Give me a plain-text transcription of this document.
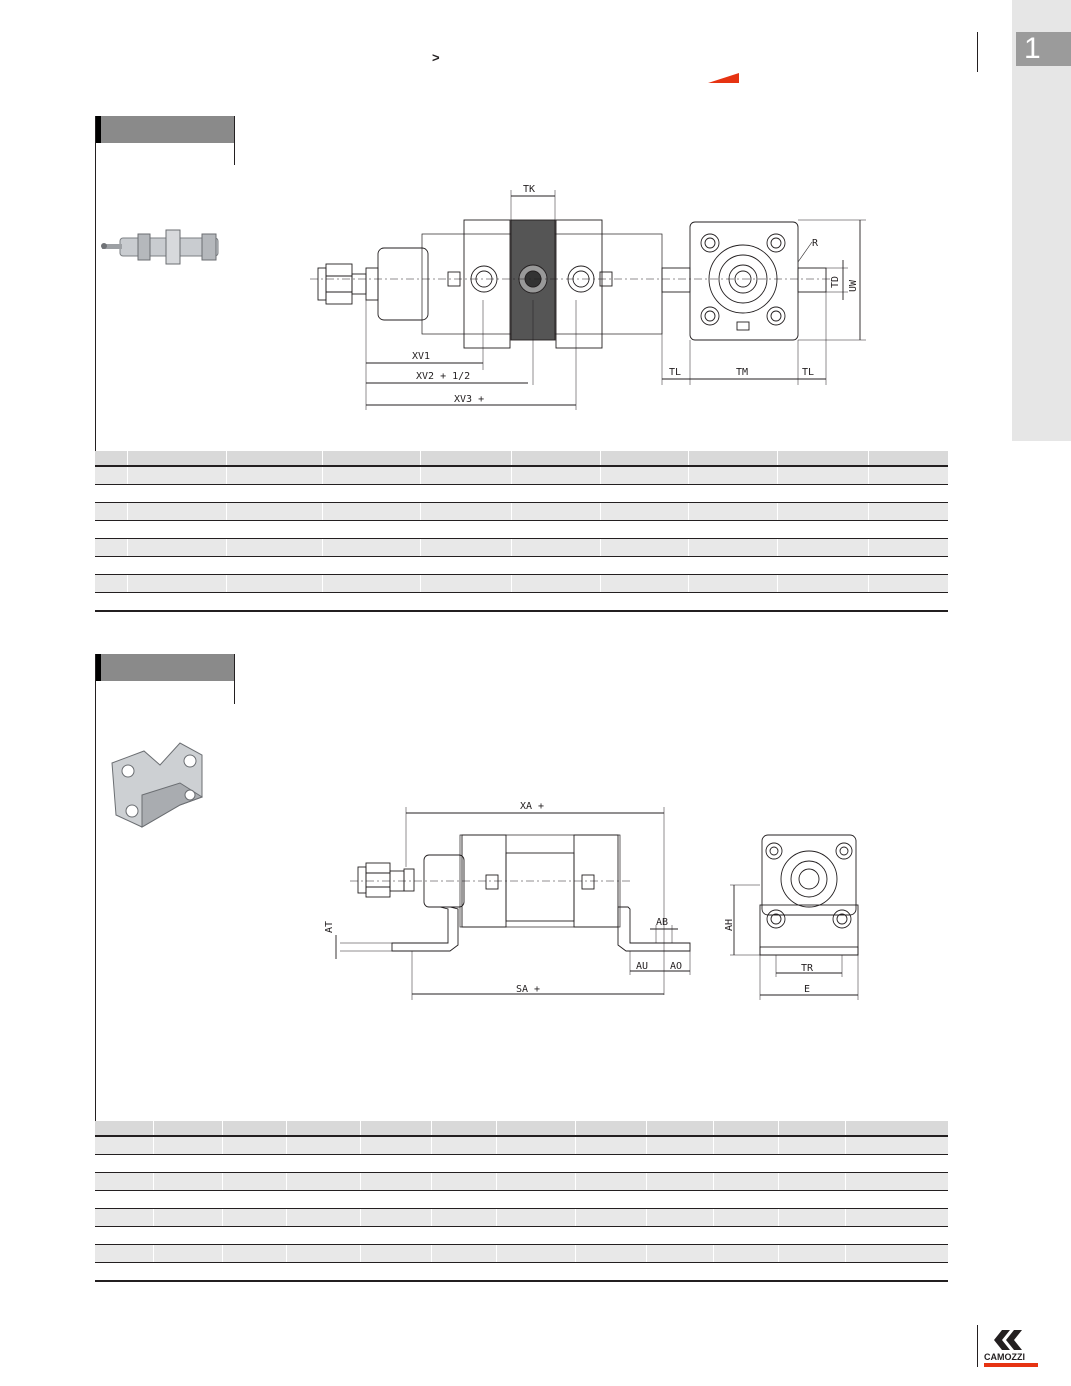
1
>
TK
XV1
XV2 + 1/2
XV3 +
TL	TM	TL
R
TD UW

XA +
AT	AB
AU AO
SA +
AH
TR
E

CAMOZZI
